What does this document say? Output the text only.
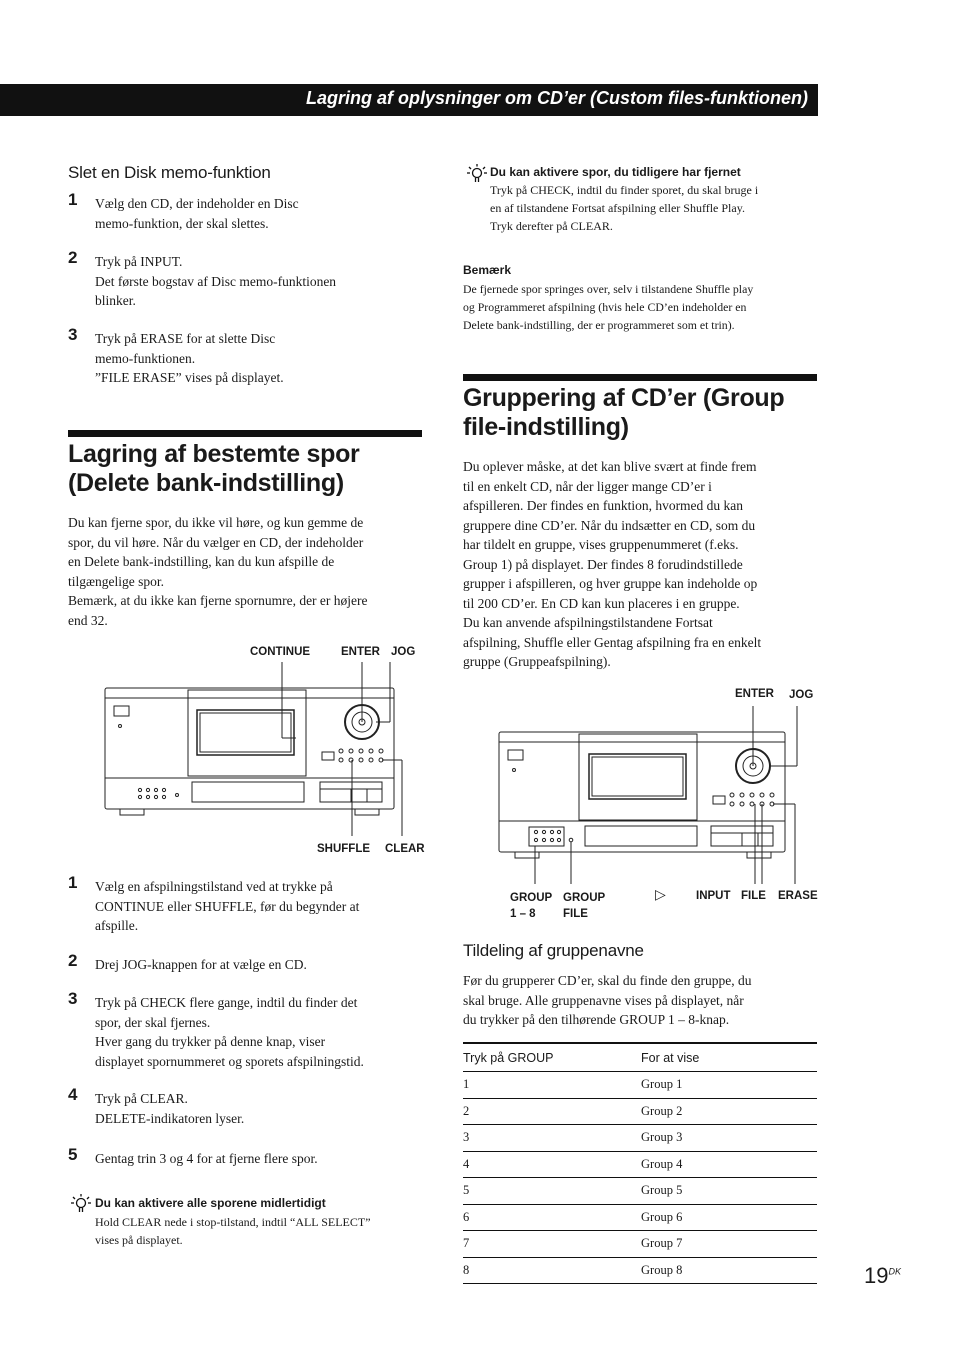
Lagring af oplysninger om CD’er (Custom files-funktionen)
Slet en Disk memo-funktion
1 Vælg den CD, der indeholder en Disc
memo-funktion, der skal slettes.
2 Tryk på INPUT.
Det første bogstav af Disc memo-funktionen
blinker.
3 Tryk på ERASE for at slette Disc
memo-funktionen.
”FILE ERASE” vises på displayet.
Lagring af bestemte spor
(Delete bank-indstilling)
Du kan fjerne spor, du ikke vil høre, og kun gemme de
spor, du vil høre. Når du vælger en CD, der indeholder
en Delete bank-indstilling, kan du kun afspille de
tilgængelige spor.
Bemærk, at du ikke kan fjerne spornumre, der er højere
end 32.
CONTINUE	ENTER JOG
SHUFFLE CLEAR
1 Vælg en afspilningstilstand ved at trykke på
CONTINUE eller SHUFFLE, før du begynder at
afspille.
2 Drej JOG-knappen for at vælge en CD.
3 Tryk på CHECK flere gange, indtil du finder det
spor, der skal fjernes.
Hver gang du trykker på denne knap, viser
displayet spornummeret og sporets afspilningstid.
4 Tryk på CLEAR.
DELETE-indikatoren lyser.
5 Gentag trin 3 og 4 for at fjerne flere spor.
Du kan aktivere alle sporene midlertidigt
Hold CLEAR nede i stop-tilstand, indtil “ALL SELECT”
vises på displayet.
Du kan aktivere spor, du tidligere har fjernet
Tryk på CHECK, indtil du finder sporet, du skal bruge i
en af tilstandene Fortsat afspilning eller Shuffle Play.
Tryk derefter på CLEAR.
Bemærk
De fjernede spor springes over, selv i tilstandene Shuffle play
og Programmeret afspilning (hvis hele CD’en indeholder en
Delete bank-indstilling, der er programmeret som et trin).
Gruppering af CD’er (Group
file-indstilling)
Du oplever måske, at det kan blive svært at finde frem
til en enkelt CD, når der ligger mange CD’er i
afspilleren. Der findes en funktion, hvormed du kan
gruppere dine CD’er. Når du indsætter en CD, som du
har tildelt en gruppe, vises gruppenummeret (f.eks.
Group 1) på displayet. Der findes 8 forudindstillede
grupper i afspilleren, og hver gruppe kan indeholde op
til 200 CD’er. En CD kan kun placeres i en gruppe.
Du kan anvende afspilningstilstandene Fortsat
afspilning, Shuffle eller Gentag afspilning fra en enkelt
gruppe (Gruppeafspilning).
ENTER JOG
GROUP
1 – 8
GROUP
FILE
▷	INPUT FILE ERASE
Tildeling af gruppenavne
Før du grupperer CD’er, skal du finde den gruppe, du
skal bruge. Alle gruppenavne vises på displayet, når
du trykker på den tilhørende GROUP 1 – 8-knap.
Tryk på GROUP	For at vise
1	Group 1
2	Group 2
3	Group 3
4	Group 4
5	Group 5
6	Group 6
7	Group 7
8	Group 8	$19^{DK}$
